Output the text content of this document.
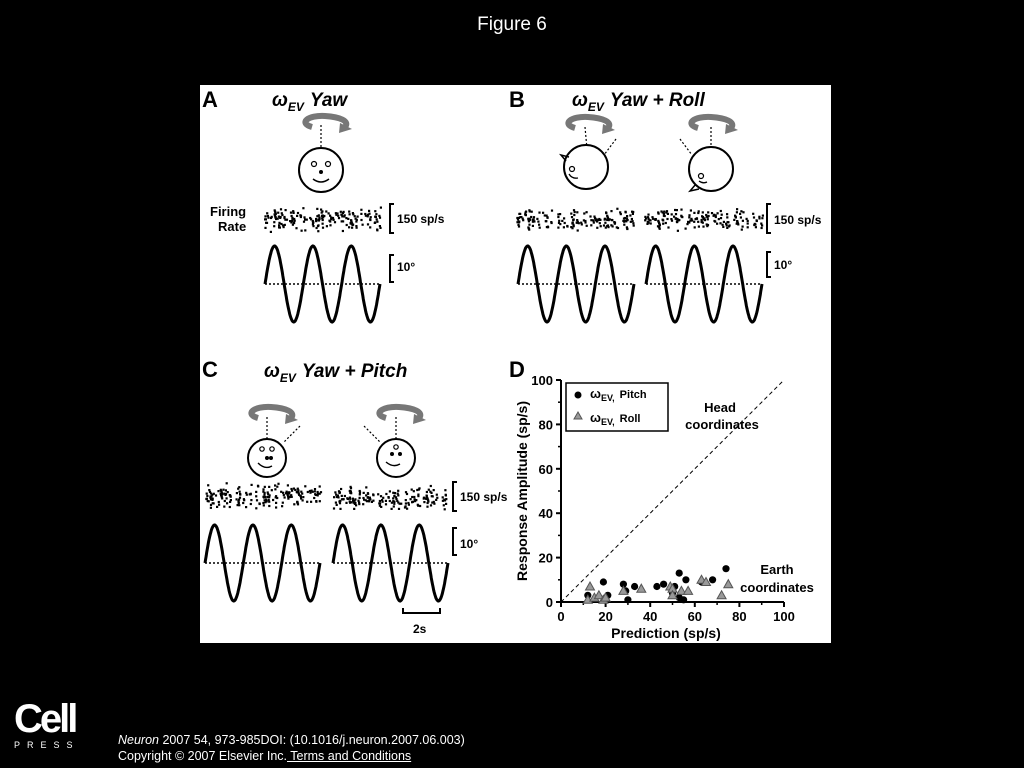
Figure 6
A	$\omega_{EV}$ Yaw
Firing
Rate	150 sp/s
10°
B $\omega_{EV}$ Yaw + Roll
150 sp/s
10°
C $\omega_{EV}$ Yaw + Pitch
150 sp/s
10°
2s
D
Prediction (sp/s)
Response Amplitude (sp/s)
$\omega_{EV,}$ $^{Pitch}$
$\omega_{EV,}$ $^{Roll}$
Head
coordinates
Earth
coordinates
0	20 40 60 80 100
0
20
40
60
80
100
Cell
PRESS	Neuron 2007 54, 973-985DOI: (10.1016/j.neuron.2007.06.003)
Copyright © 2007 Elsevier Inc. Terms and Conditions
